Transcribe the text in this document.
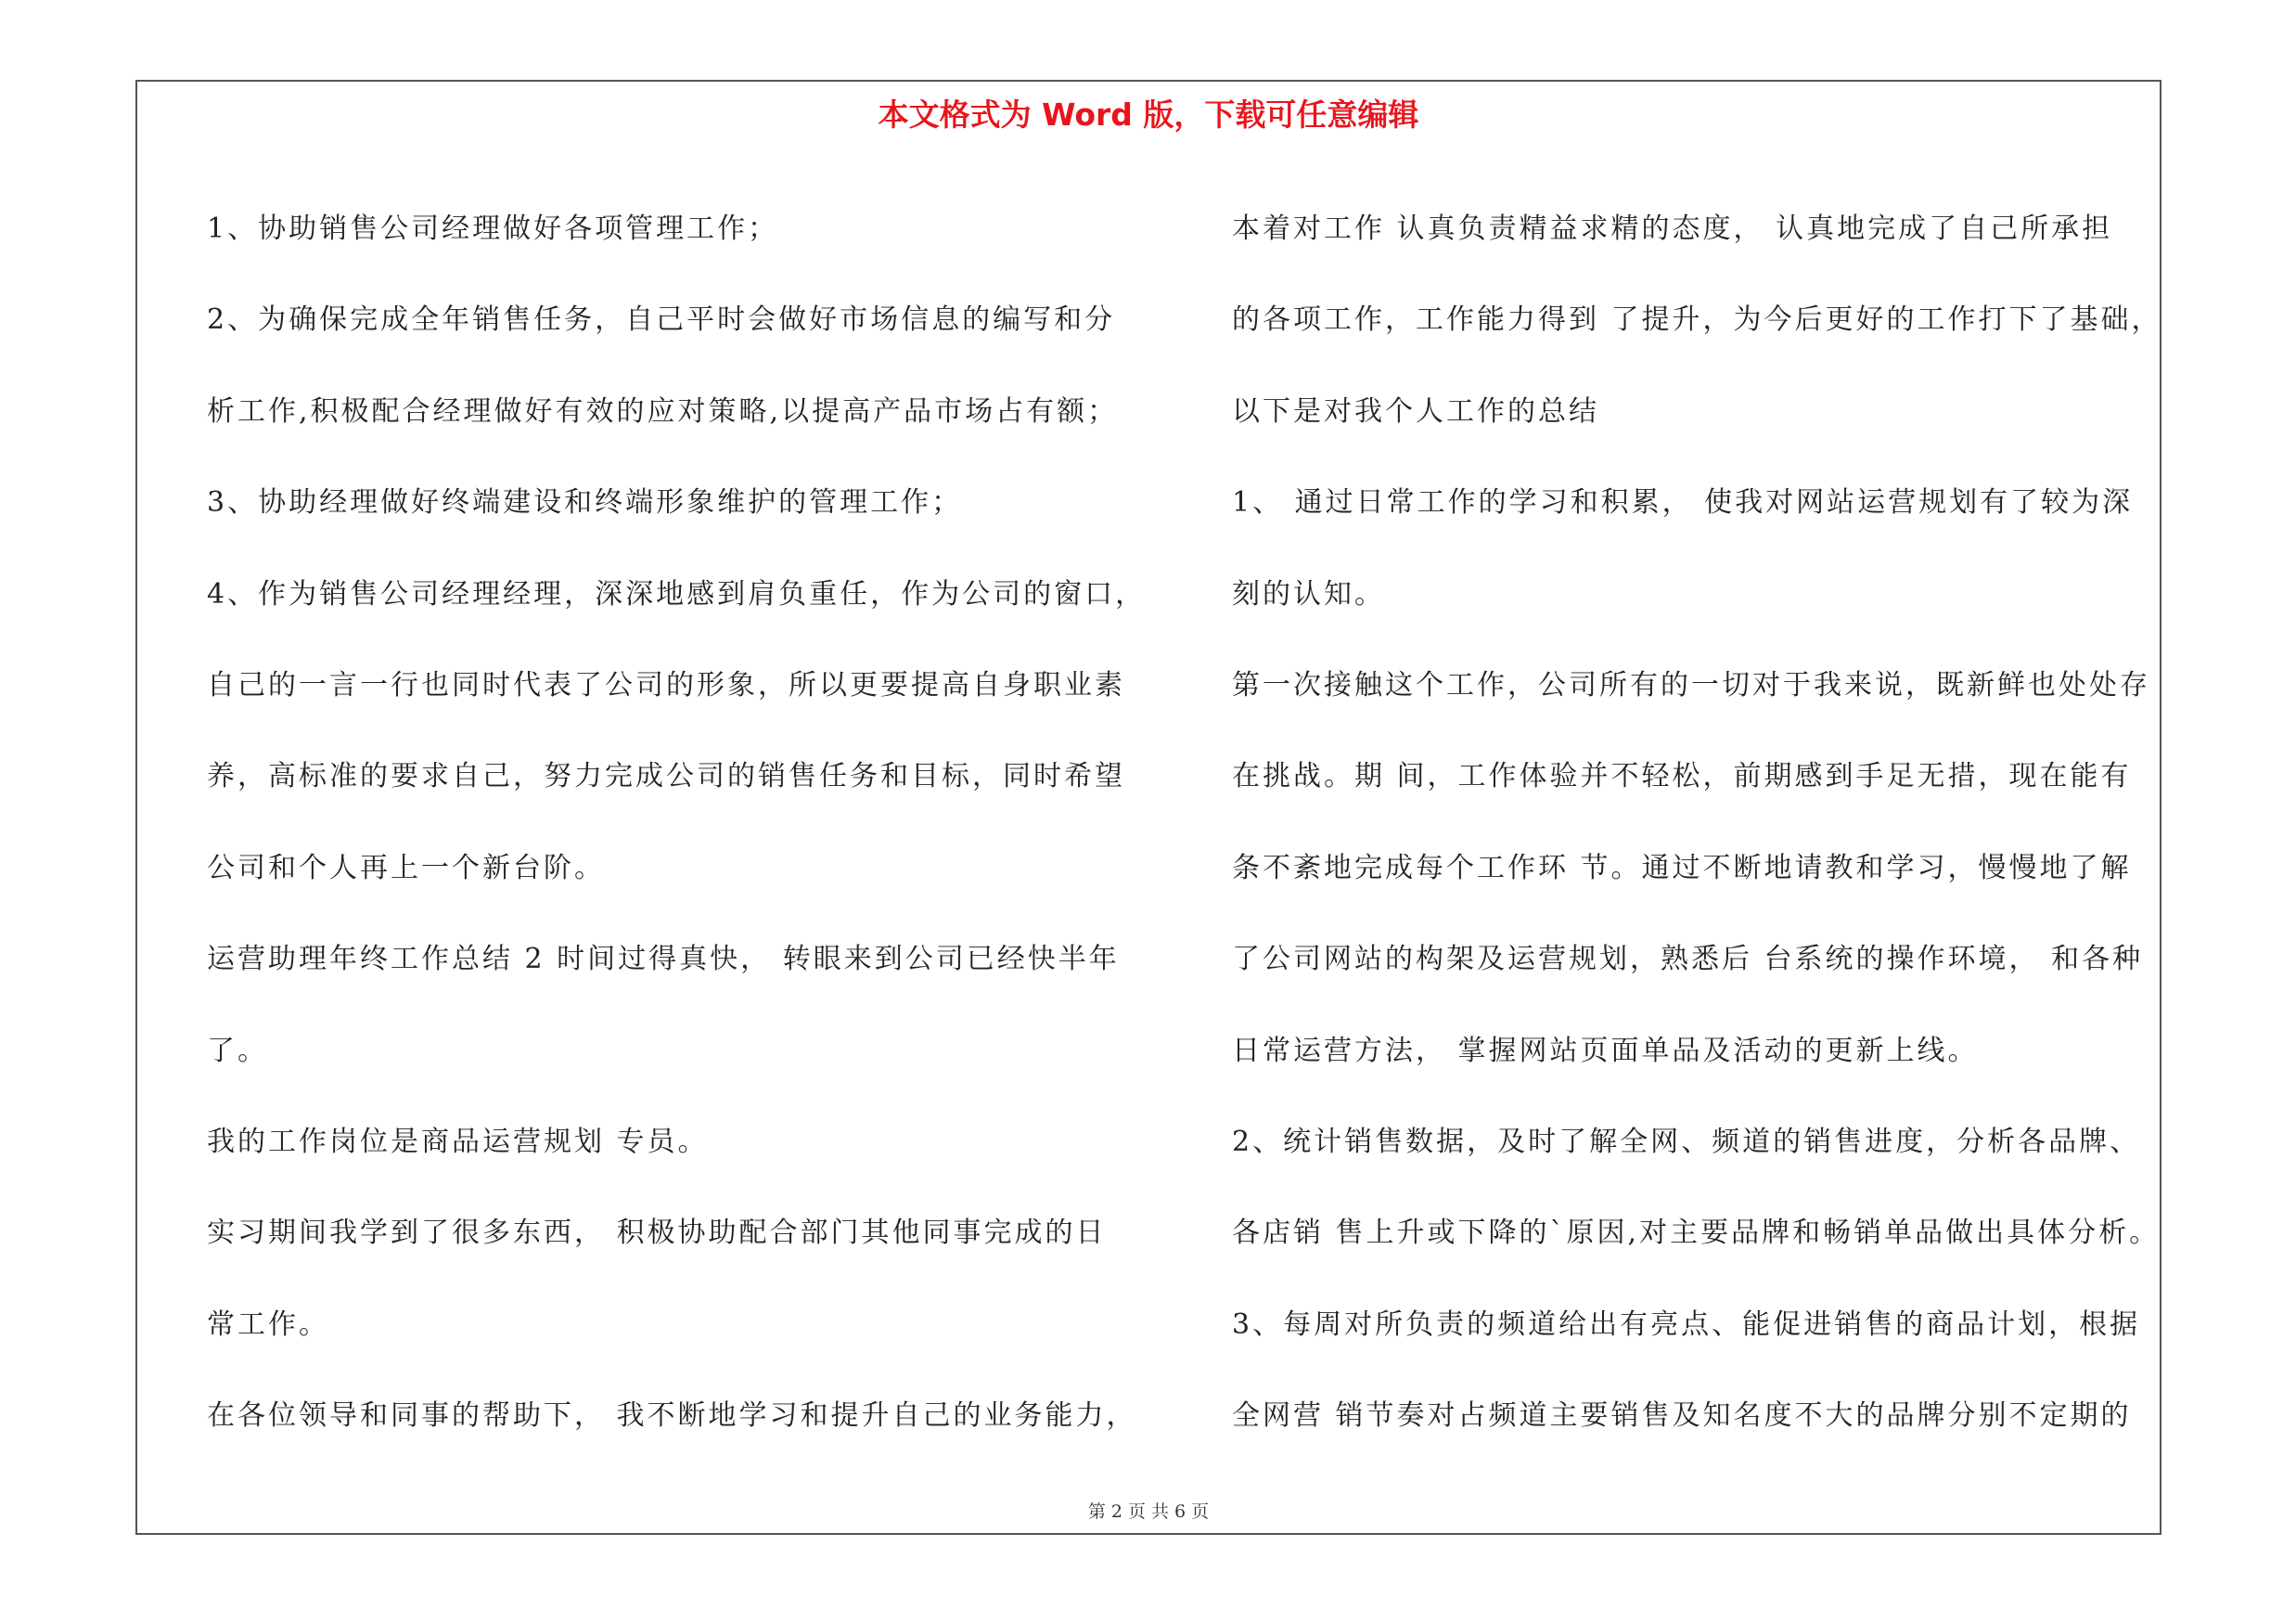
本文格式为 Word 版，下载可任意编辑

1、协助销售公司经理做好各项管理工作；

2、为确保完成全年销售任务，自己平时会做好市场信息的编写和分

析工作,积极配合经理做好有效的应对策略,以提高产品市场占有额；

3、协助经理做好终端建设和终端形象维护的管理工作；

4、作为销售公司经理经理，深深地感到肩负重任，作为公司的窗口，

自己的一言一行也同时代表了公司的形象，所以更要提高自身职业素

养，高标准的要求自己，努力完成公司的销售任务和目标，同时希望

公司和个人再上一个新台阶。

运营助理年终工作总结 2 时间过得真快， 转眼来到公司已经快半年

了。

我的工作岗位是商品运营规划 专员。

实习期间我学到了很多东西， 积极协助配合部门其他同事完成的日

常工作。

在各位领导和同事的帮助下， 我不断地学习和提升自己的业务能力，

本着对工作 认真负责精益求精的态度， 认真地完成了自己所承担

的各项工作，工作能力得到 了提升，为今后更好的工作打下了基础，

以下是对我个人工作的总结

1、 通过日常工作的学习和积累， 使我对网站运营规划有了较为深

刻的认知。

第一次接触这个工作，公司所有的一切对于我来说，既新鲜也处处存

在挑战。期 间，工作体验并不轻松，前期感到手足无措，现在能有

条不紊地完成每个工作环 节。通过不断地请教和学习，慢慢地了解

了公司网站的构架及运营规划，熟悉后 台系统的操作环境， 和各种

日常运营方法， 掌握网站页面单品及活动的更新上线。

2、统计销售数据，及时了解全网、频道的销售进度，分析各品牌、

各店销 售上升或下降的`原因,对主要品牌和畅销单品做出具体分析。

3、每周对所负责的频道给出有亮点、能促进销售的商品计划，根据

全网营 销节奏对占频道主要销售及知名度不大的品牌分别不定期的

第 2 页 共 6 页
